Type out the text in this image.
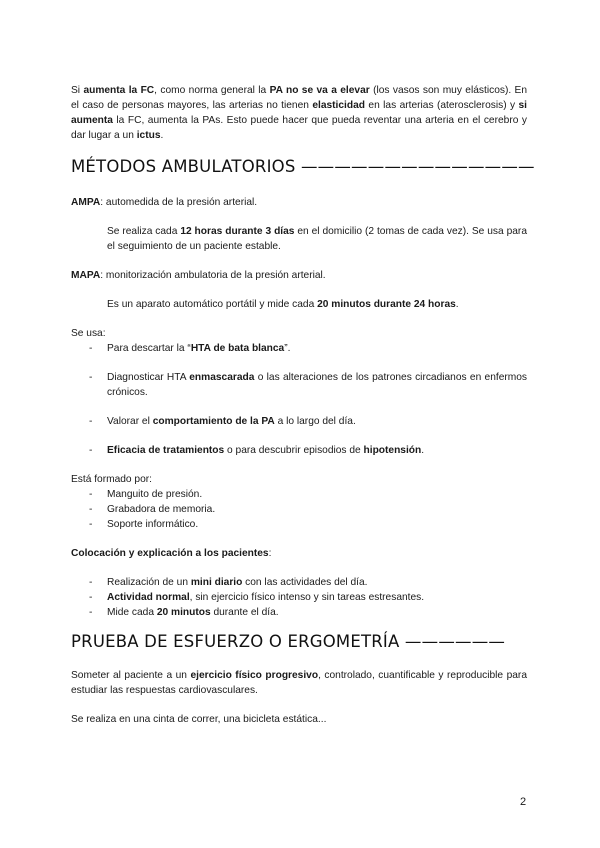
Si aumenta la FC, como norma general la PA no se va a elevar (los vasos son muy elásticos). En el caso de personas mayores, las arterias no tienen elasticidad en las arterias (aterosclerosis) y si aumenta la FC, aumenta la PAs. Esto puede hacer que pueda reventar una arteria en el cerebro y dar lugar a un ictus.

MÉTODOS AMBULATORIOS ——————————————

AMPA: automedida de la presión arterial.

Se realiza cada 12 horas durante 3 días en el domicilio (2 tomas de cada vez). Se usa para el seguimiento de un paciente estable.

MAPA: monitorización ambulatoria de la presión arterial.

Es un aparato automático portátil y mide cada 20 minutos durante 24 horas.

Se usa:

- Para descartar la “HTA de bata blanca”.
- Diagnosticar HTA enmascarada o las alteraciones de los patrones circadianos en enfermos crónicos.
- Valorar el comportamiento de la PA a lo largo del día.
- Eficacia de tratamientos o para descubrir episodios de hipotensión.

Está formado por:

- Manguito de presión.
- Grabadora de memoria.
- Soporte informático.

Colocación y explicación a los pacientes:

- Realización de un mini diario con las actividades del día.
- Actividad normal, sin ejercicio físico intenso y sin tareas estresantes.
- Mide cada 20 minutos durante el día.
PRUEBA DE ESFUERZO O ERGOMETRÍA ——————

Someter al paciente a un ejercicio físico progresivo, controlado, cuantificable y reproducible para estudiar las respuestas cardiovasculares.

Se realiza en una cinta de correr, una bicicleta estática...

2
